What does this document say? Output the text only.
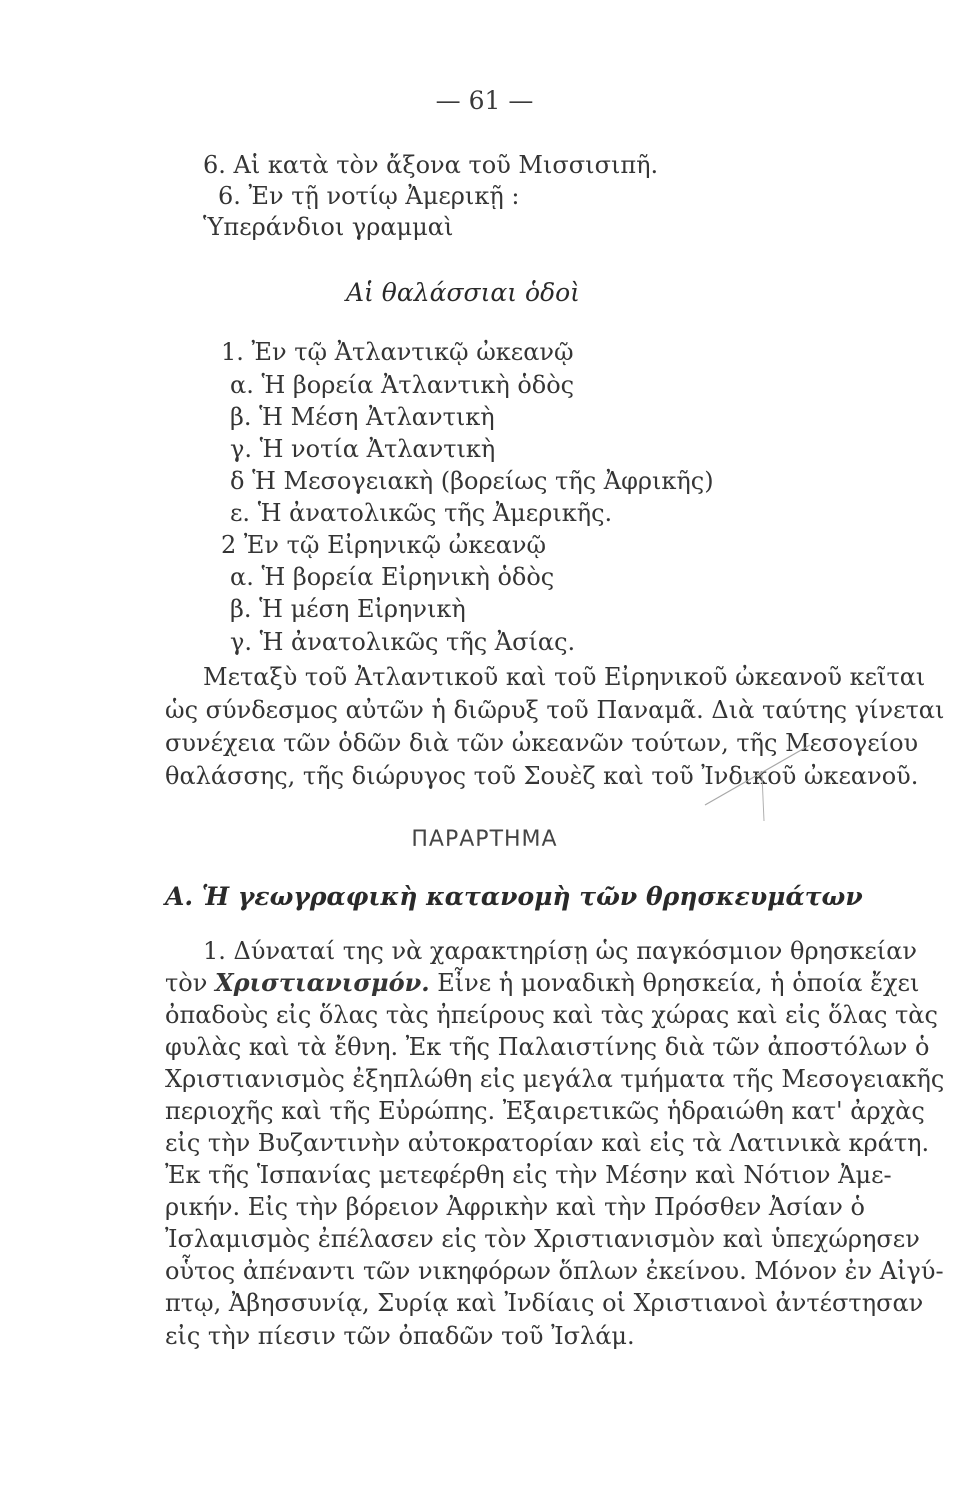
— 61 —
6. Αἱ κατὰ τὸν ἄξονα τοῦ Μισσισιπῆ.
6. Ἐν τῇ νοτίῳ Ἀμερικῇ :
Ὑπεράνδιοι γραμμαὶ
Αἱ θαλάσσιαι ὁδοὶ
1. Ἐν τῷ Ἀτλαντικῷ ὠκεανῷ
α. Ἡ βορεία Ἀτλαντικὴ ὁδὸς
β. Ἡ Μέση Ἀτλαντικὴ
γ. Ἡ νοτία Ἀτλαντικὴ
δ Ἡ Μεσογειακὴ (βορείως τῆς Ἀφρικῆς)
ε. Ἡ ἀνατολικῶς τῆς Ἀμερικῆς.
2 Ἐν τῷ Εἰρηνικῷ ὠκεανῷ
α. Ἡ βορεία Εἰρηνικὴ ὁδὸς
β. Ἡ μέση Εἰρηνικὴ
γ. Ἡ ἀνατολικῶς τῆς Ἀσίας.
Μεταξὺ τοῦ Ἀτλαντικοῦ καὶ τοῦ Εἰρηνικοῦ ὠκεανοῦ κεῖται
ὡς σύνδεσμος αὐτῶν ἡ διῶρυξ τοῦ Παναμᾶ. Διὰ ταύτης γίνεται
συνέχεια τῶν ὁδῶν διὰ τῶν ὠκεανῶν τούτων, τῆς Μεσογείου
θαλάσσης, τῆς διώρυγος τοῦ Σουὲζ καὶ τοῦ Ἰνδικοῦ ὠκεανοῦ.
ΠΑΡΑΡΤΗΜΑ
Α. Ἡ γεωγραφικὴ κατανομὴ τῶν θρησκευμάτων
1. Δύναταί της νὰ χαρακτηρίσῃ ὡς παγκόσμιον θρησκείαν
τὸν Χριστιανισμόν. Εἶνε ἡ μοναδικὴ θρησκεία, ἡ ὁποία ἔχει
ὀπαδοὺς εἰς ὅλας τὰς ἠπείρους καὶ τὰς χώρας καὶ εἰς ὅλας τὰς
φυλὰς καὶ τὰ ἔθνη. Ἐκ τῆς Παλαιστίνης διὰ τῶν ἀποστόλων ὁ
Χριστιανισμὸς ἐξηπλώθη εἰς μεγάλα τμήματα τῆς Μεσογειακῆς
περιοχῆς καὶ τῆς Εὐρώπης. Ἐξαιρετικῶς ἡδραιώθη κατ' ἀρχὰς
εἰς τὴν Βυζαντινὴν αὐτοκρατορίαν καὶ εἰς τὰ Λατινικὰ κράτη.
Ἐκ τῆς Ἱσπανίας μετεφέρθη εἰς τὴν Μέσην καὶ Νότιον Ἀμε-
ρικήν. Εἰς τὴν βόρειον Ἀφρικὴν καὶ τὴν Πρόσθεν Ἀσίαν ὁ
Ἰσλαμισμὸς ἐπέλασεν εἰς τὸν Χριστιανισμὸν καὶ ὑπεχώρησεν
οὗτος ἀπέναντι τῶν νικηφόρων ὅπλων ἐκείνου. Μόνον ἐν Αἰγύ-
πτῳ, Ἀβησσυνίᾳ, Συρίᾳ καὶ Ἰνδίαις οἱ Χριστιανοὶ ἀντέστησαν
εἰς τὴν πίεσιν τῶν ὀπαδῶν τοῦ Ἰσλάμ.
